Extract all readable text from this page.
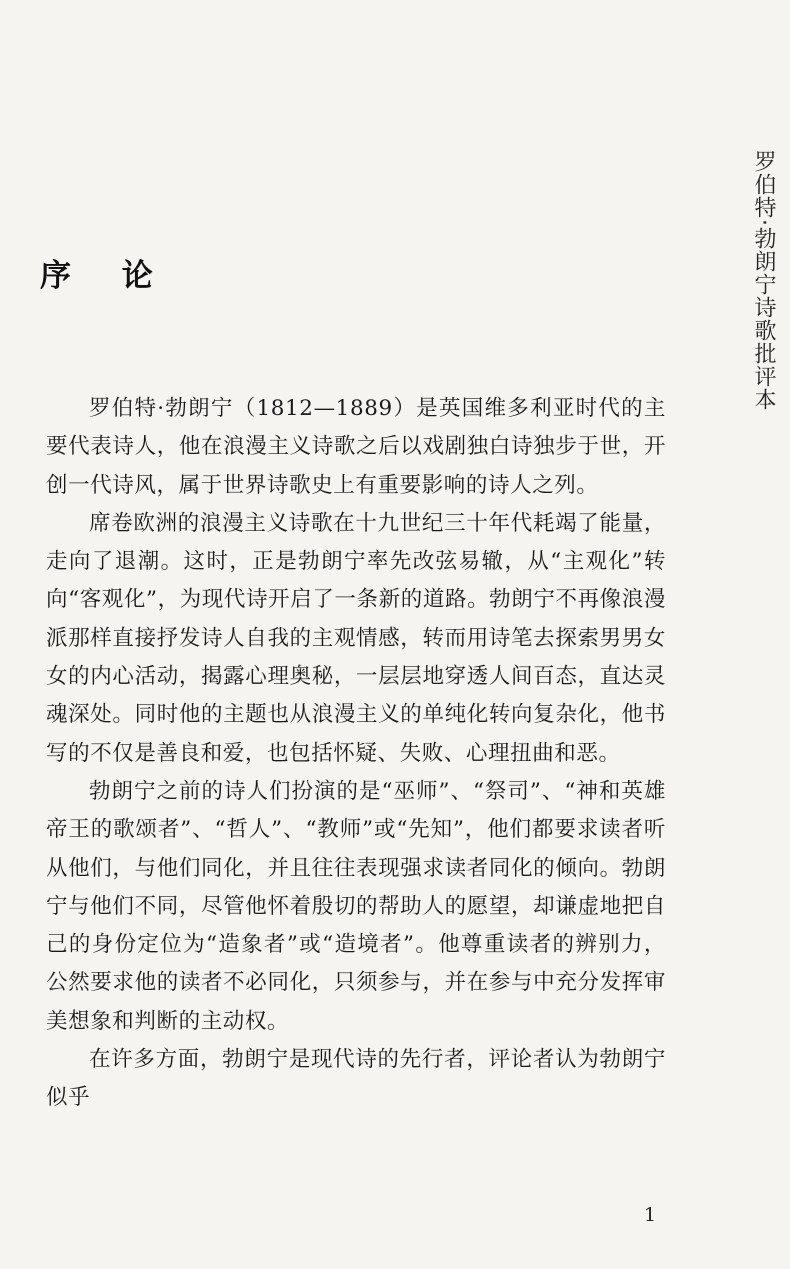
罗伯特·勃朗宁诗歌批评本
序 论

罗伯特·勃朗宁（1812—1889）是英国维多利亚时代的主要代表诗人，他在浪漫主义诗歌之后以戏剧独白诗独步于世，开创一代诗风，属于世界诗歌史上有重要影响的诗人之列。

席卷欧洲的浪漫主义诗歌在十九世纪三十年代耗竭了能量，走向了退潮。这时，正是勃朗宁率先改弦易辙，从“主观化”转向“客观化”，为现代诗开启了一条新的道路。勃朗宁不再像浪漫派那样直接抒发诗人自我的主观情感，转而用诗笔去探索男男女女的内心活动，揭露心理奥秘，一层层地穿透人间百态，直达灵魂深处。同时他的主题也从浪漫主义的单纯化转向复杂化，他书写的不仅是善良和爱，也包括怀疑、失败、心理扭曲和恶。

勃朗宁之前的诗人们扮演的是“巫师”、“祭司”、“神和英雄帝王的歌颂者”、“哲人”、“教师”或“先知”，他们都要求读者听从他们，与他们同化，并且往往表现强求读者同化的倾向。勃朗宁与他们不同，尽管他怀着殷切的帮助人的愿望，却谦虚地把自己的身份定位为“造象者”或“造境者”。他尊重读者的辨别力，公然要求他的读者不必同化，只须参与，并在参与中充分发挥审美想象和判断的主动权。

在许多方面，勃朗宁是现代诗的先行者，评论者认为勃朗宁似乎

1
